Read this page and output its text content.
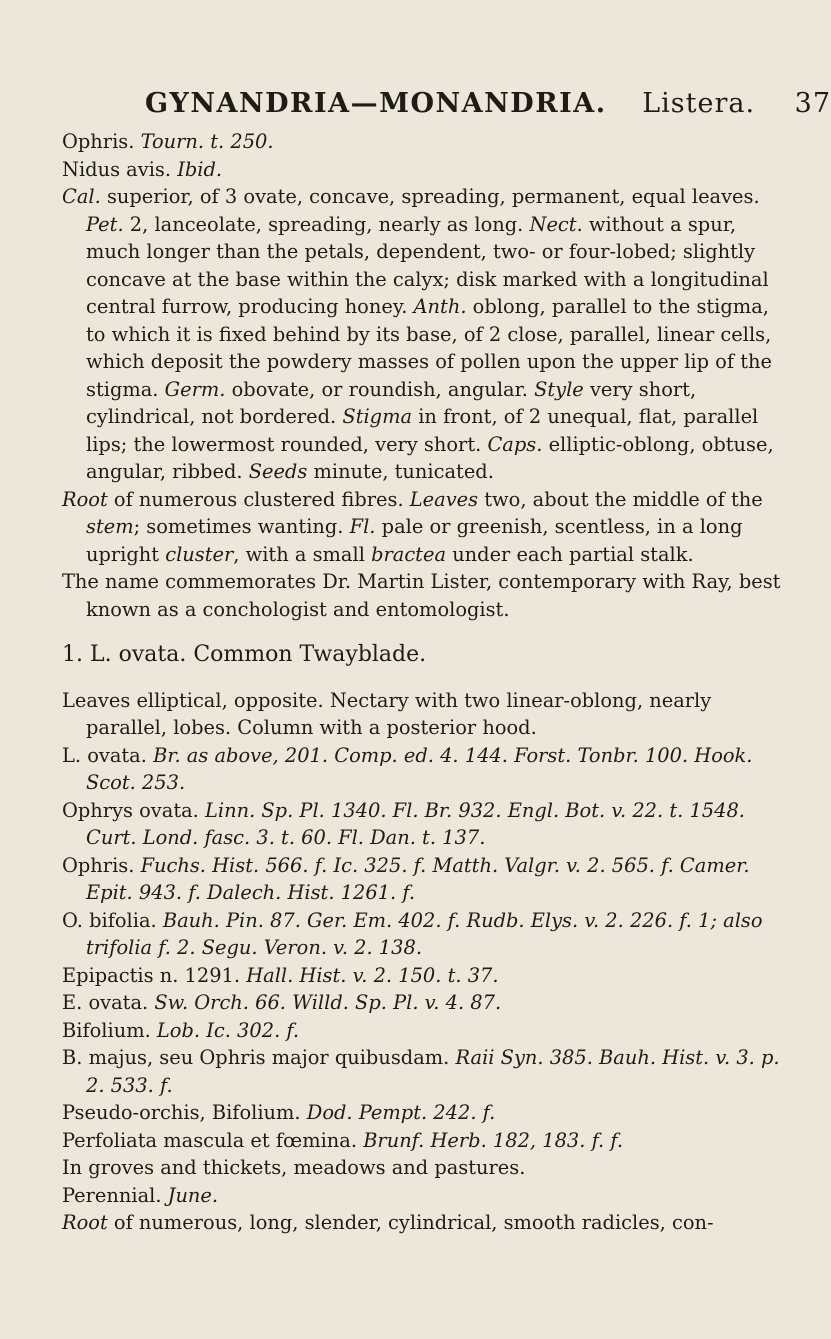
GYNANDRIA—MONANDRIA. Listera. 37

Ophris. Tourn. t. 250.

Nidus avis. Ibid.

Cal. superior, of 3 ovate, concave, spreading, permanent, equal leaves. Pet. 2, lanceolate, spreading, nearly as long. Nect. without a spur, much longer than the petals, dependent, two- or four-lobed; slightly concave at the base within the calyx; disk marked with a longitudinal central furrow, producing honey. Anth. oblong, parallel to the stigma, to which it is fixed behind by its base, of 2 close, parallel, linear cells, which deposit the powdery masses of pollen upon the upper lip of the stigma. Germ. obovate, or roundish, angular. Style very short, cylindrical, not bordered. Stigma in front, of 2 unequal, flat, parallel lips; the lowermost rounded, very short. Caps. elliptic-oblong, obtuse, angular, ribbed. Seeds minute, tunicated.

Root of numerous clustered fibres. Leaves two, about the middle of the stem; sometimes wanting. Fl. pale or greenish, scentless, in a long upright cluster, with a small bractea under each partial stalk.

The name commemorates Dr. Martin Lister, contemporary with Ray, best known as a conchologist and entomologist.

1. L. ovata. Common Twayblade.

Leaves elliptical, opposite. Nectary with two linear-oblong, nearly parallel, lobes. Column with a posterior hood.

L. ovata. Br. as above, 201. Comp. ed. 4. 144. Forst. Tonbr. 100. Hook. Scot. 253.

Ophrys ovata. Linn. Sp. Pl. 1340. Fl. Br. 932. Engl. Bot. v. 22. t. 1548. Curt. Lond. fasc. 3. t. 60. Fl. Dan. t. 137.

Ophris. Fuchs. Hist. 566. f. Ic. 325. f. Matth. Valgr. v. 2. 565. f. Camer. Epit. 943. f. Dalech. Hist. 1261. f.

O. bifolia. Bauh. Pin. 87. Ger. Em. 402. f. Rudb. Elys. v. 2. 226. f. 1; also trifolia f. 2. Segu. Veron. v. 2. 138.

Epipactis n. 1291. Hall. Hist. v. 2. 150. t. 37.

E. ovata. Sw. Orch. 66. Willd. Sp. Pl. v. 4. 87.

Bifolium. Lob. Ic. 302. f.

B. majus, seu Ophris major quibusdam. Raii Syn. 385. Bauh. Hist. v. 3. p. 2. 533. f.

Pseudo-orchis, Bifolium. Dod. Pempt. 242. f.

Perfoliata mascula et fœmina. Brunf. Herb. 182, 183. f. f.

In groves and thickets, meadows and pastures.

Perennial. June.

Root of numerous, long, slender, cylindrical, smooth radicles, con-
